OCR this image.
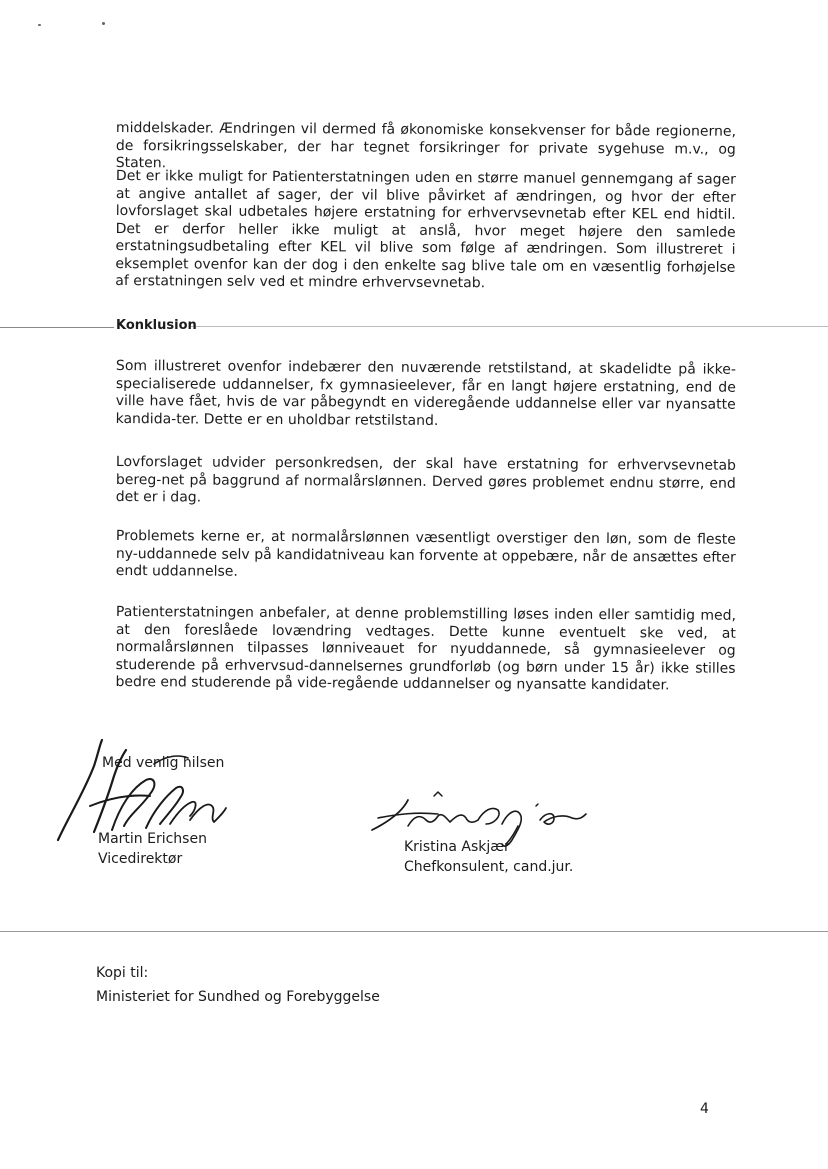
middelskader. Ændringen vil dermed få økonomiske konsekvenser for både regionerne, de forsikringsselskaber, der har tegnet forsikringer for private sygehuse m.v., og Staten.

Det er ikke muligt for Patienterstatningen uden en større manuel gennemgang af sager at angive antallet af sager, der vil blive påvirket af ændringen, og hvor der efter lovforslaget skal udbetales højere erstatning for erhvervsevnetab efter KEL end hidtil. Det er derfor heller ikke muligt at anslå, hvor meget højere den samlede erstatningsudbetaling efter KEL vil blive som følge af ændringen. Som illustreret i eksemplet ovenfor kan der dog i den enkelte sag blive tale om en væsentlig forhøjelse af erstatningen selv ved et mindre erhvervsevnetab.

Konklusion

Som illustreret ovenfor indebærer den nuværende retstilstand, at skadelidte på ikke-specialiserede uddannelser, fx gymnasieelever, får en langt højere erstatning, end de ville have fået, hvis de var påbegyndt en videregående uddannelse eller var nyansatte kandida-ter. Dette er en uholdbar retstilstand.

Lovforslaget udvider personkredsen, der skal have erstatning for erhvervsevnetab bereg-net på baggrund af normalårslønnen. Derved gøres problemet endnu større, end det er i dag.

Problemets kerne er, at normalårslønnen væsentligt overstiger den løn, som de fleste ny-uddannede selv på kandidatniveau kan forvente at oppebære, når de ansættes efter endt uddannelse.

Patienterstatningen anbefaler, at denne problemstilling løses inden eller samtidig med, at den foreslåede lovændring vedtages. Dette kunne eventuelt ske ved, at normalårslønnen tilpasses lønniveauet for nyuddannede, så gymnasieelever og studerende på erhvervsud-dannelsernes grundforløb (og børn under 15 år) ikke stilles bedre end studerende på vide-regående uddannelser og nyansatte kandidater.

Med venlig hilsen

Martin Erichsen

Vicedirektør

Kristina Askjær

Chefkonsulent, cand.jur.

Kopi til:

Ministeriet for Sundhed og Forebyggelse

4
